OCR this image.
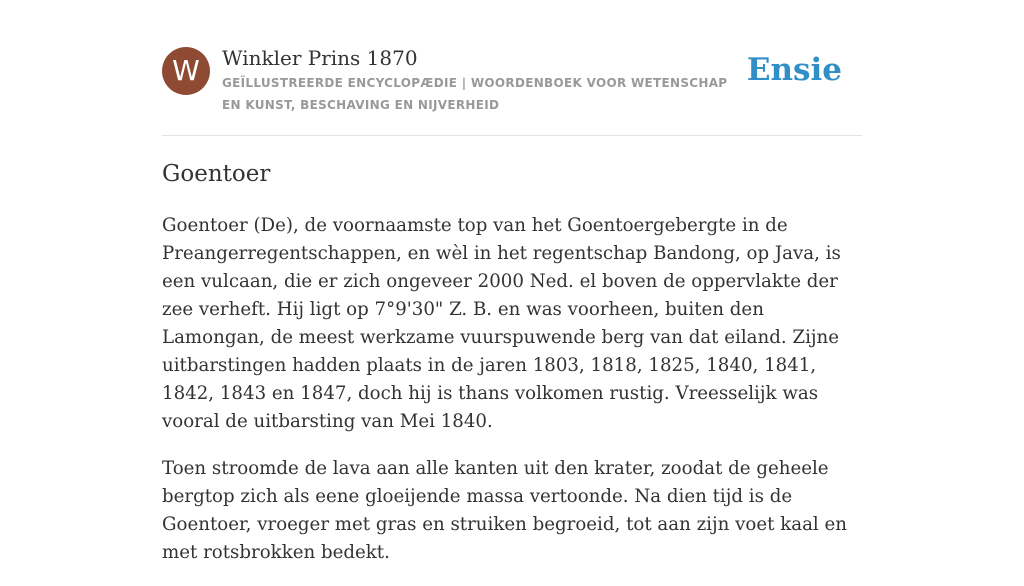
W	Winkler Prins 1870
GEÏLLUSTREERDE ENCYCLOPÆDIE | WOORDENBOEK VOOR WETENSCHAP EN KUNST, BESCHAVING EN NIJVERHEID
Ensie
Goentoer

Goentoer (De), de voornaamste top van het Goentoergebergte in de Preangerregentschappen, en wèl in het regentschap Bandong, op Java, is een vulcaan, die er zich ongeveer 2000 Ned. el boven de oppervlakte der zee verheft. Hij ligt op 7°9'30" Z. B. en was voorheen, buiten den Lamongan, de meest werkzame vuurspuwende berg van dat eiland. Zijne uitbarstingen hadden plaats in de jaren 1803, 1818, 1825, 1840, 1841, 1842, 1843 en 1847, doch hij is thans volkomen rustig. Vreesselijk was vooral de uitbarsting van Mei 1840.

Toen stroomde de lava aan alle kanten uit den krater, zoodat de geheele bergtop zich als eene gloeijende massa vertoonde. Na dien tijd is de Goentoer, vroeger met gras en struiken begroeid, tot aan zijn voet kaal en met rotsbrokken bedekt.
